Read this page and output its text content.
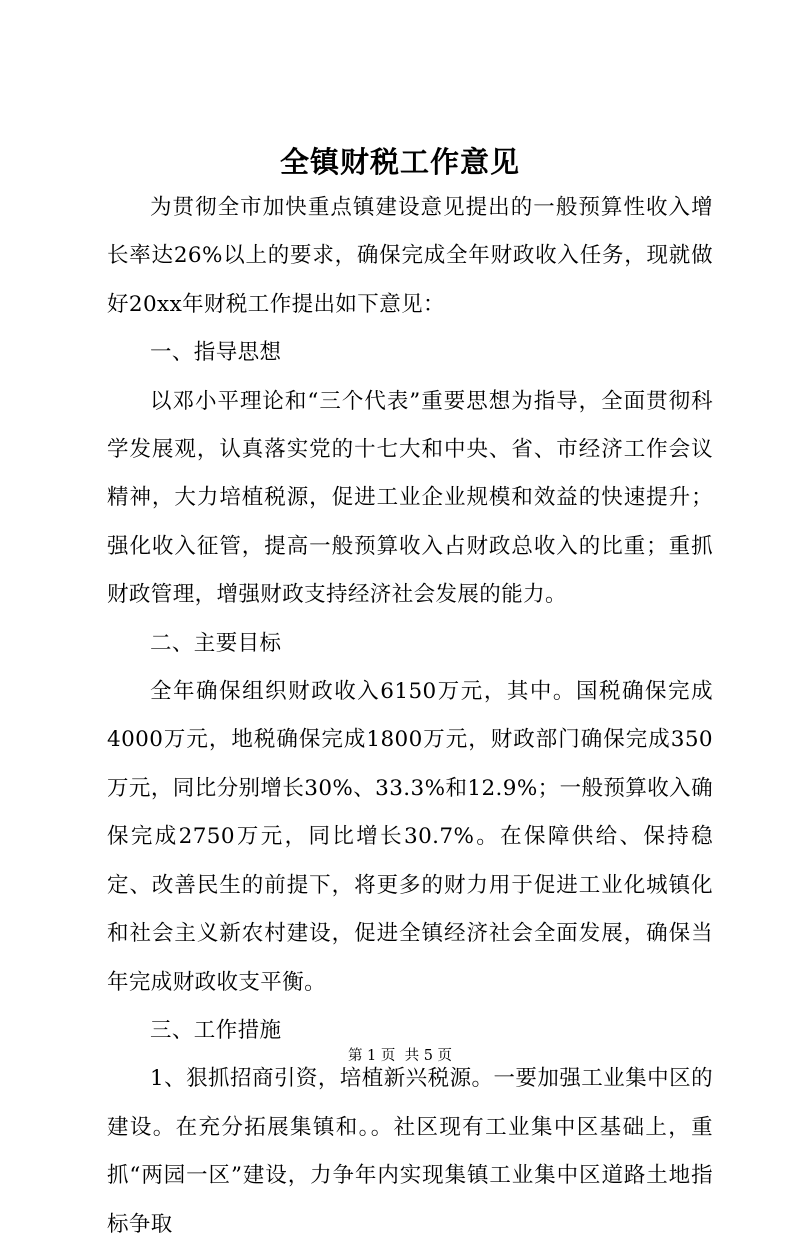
全镇财税工作意见

为贯彻全市加快重点镇建设意见提出的一般预算性收入增长率达26%以上的要求，确保完成全年财政收入任务，现就做好20xx年财税工作提出如下意见：

一、指导思想

以邓小平理论和“三个代表”重要思想为指导，全面贯彻科学发展观，认真落实党的十七大和中央、省、市经济工作会议精神，大力培植税源，促进工业企业规模和效益的快速提升；强化收入征管，提高一般预算收入占财政总收入的比重；重抓财政管理，增强财政支持经济社会发展的能力。

二、主要目标

全年确保组织财政收入6150万元，其中。国税确保完成4000万元，地税确保完成1800万元，财政部门确保完成350万元，同比分别增长30%、33.3%和12.9%；一般预算收入确保完成2750万元，同比增长30.7%。在保障供给、保持稳定、改善民生的前提下，将更多的财力用于促进工业化城镇化和社会主义新农村建设，促进全镇经济社会全面发展，确保当年完成财政收支平衡。

三、工作措施

1、狠抓招商引资，培植新兴税源。一要加强工业集中区的建设。在充分拓展集镇和。。社区现有工业集中区基础上，重抓“两园一区”建设，力争年内实现集镇工业集中区道路土地指标争取

第 1 页  共 5 页
